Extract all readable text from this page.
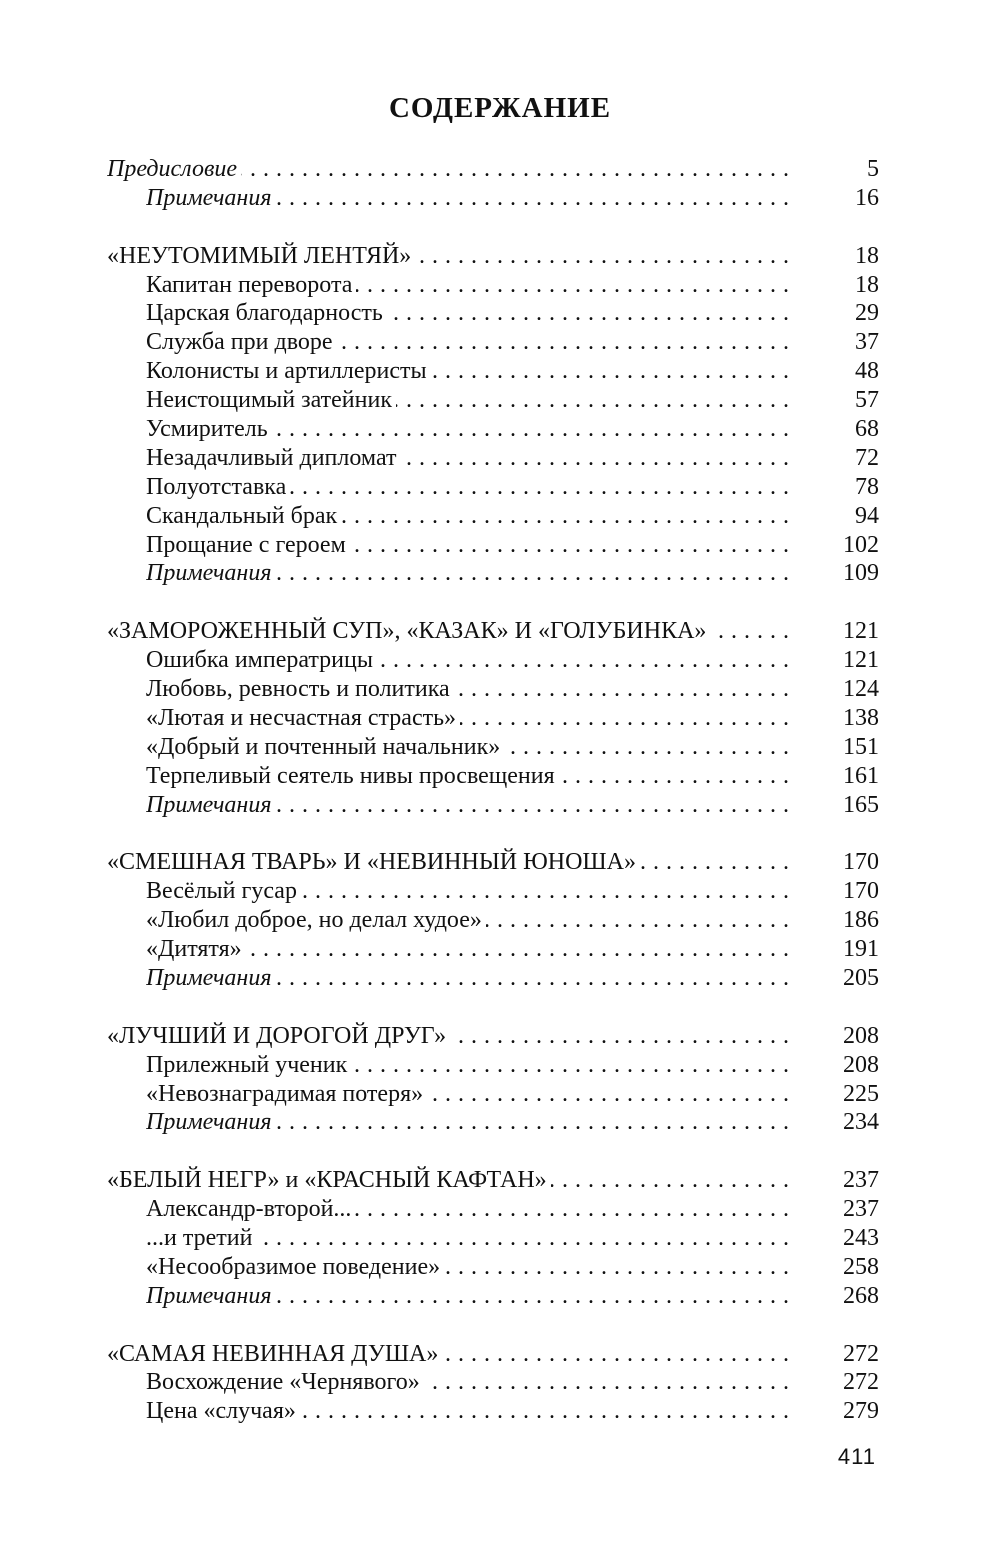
СОДЕРЖАНИЕ
Предисловие . . .	5
Примечания . . .	16
«НЕУТОМИМЫЙ ЛЕНТЯЙ» . . .	18
Капитан переворота . . .	18
Царская благодарность . . .	29
Служба при дворе . . .	37
Колонисты и артиллеристы . . .	48
Неистощимый затейник . . .	57
Усмиритель . . .	68
Незадачливый дипломат . . .	72
Полуотставка . . .	78
Скандальный брак . . .	94
Прощание с героем . . .	102
Примечания . . .	109
«ЗАМОРОЖЕННЫЙ СУП», «КАЗАК» И «ГОЛУБИНКА» . . .	121
Ошибка императрицы . . .	121
Любовь, ревность и политика . . .	124
«Лютая и несчастная страсть» . . .	138
«Добрый и почтенный начальник» . . .	151
Терпеливый сеятель нивы просвещения . . .	161
Примечания . . .	165
«СМЕШНАЯ ТВАРЬ» И «НЕВИННЫЙ ЮНОША» . . .	170
Весёлый гусар . . .	170
«Любил доброе, но делал худое» . . .	186
«Дитятя» . . .	191
Примечания . . .	205
«ЛУЧШИЙ И ДОРОГОЙ ДРУГ» . . .	208
Прилежный ученик . . .	208
«Невознаградимая потеря» . . .	225
Примечания . . .	234
«БЕЛЫЙ НЕГР» и «КРАСНЫЙ КАФТАН» . . .	237
Александр-второй... . . .	237
...и третий . . .	243
«Несообразимое поведение» . . .	258
Примечания . . .	268
«САМАЯ НЕВИННАЯ ДУША» . . .	272
Восхождение «Чернявого» . . .	272
Цена «случая» . . .	279
411
